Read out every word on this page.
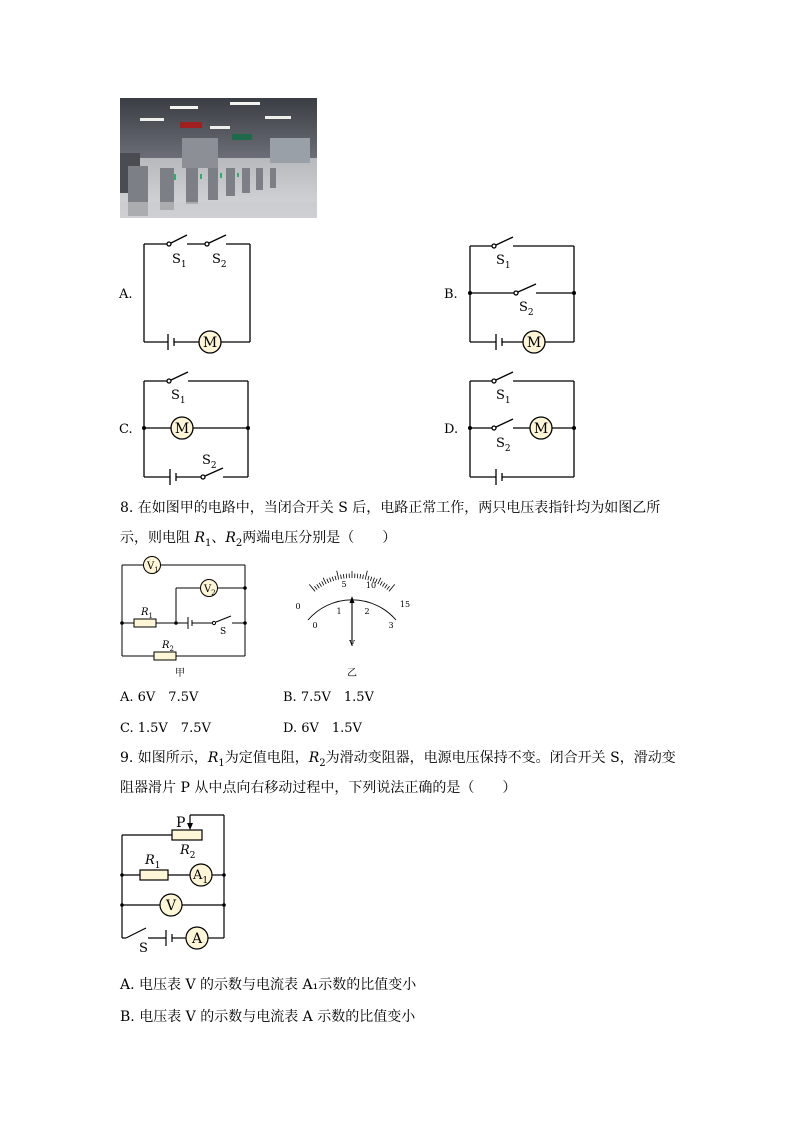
A.
M
$S_1$ $S_2$
B.
M
$S_1$
$S_2$
C.	M
$S_1$
$S_2$
D.	M
$S_1$
$S_2$
8. 在如图甲的电路中，当闭合开关 S 后，电路正常工作，两只电压表指针均为如图乙所
示，则电阻 $R_1$、$R_2$两端电压分别是（　　）
$V_1$
$V_2$
$R_1$
$R_2$
S
甲
0
5 10
15
0
1	2
3
V
乙
A. 6V　7.5V	B. 7.5V　1.5V
C. 1.5V　7.5V	D. 6V　1.5V
9. 如图所示，$R_1$为定值电阻，$R_2$为滑动变阻器，电源电压保持不变。闭合开关 S，滑动变
阻器滑片 P 从中点向右移动过程中，下列说法正确的是（　　）
P
$R_2$
$R_1$
$A_1$
V
A
S
A. 电压表 V 的示数与电流表 A₁示数的比值变小
B. 电压表 V 的示数与电流表 A 示数的比值变小
